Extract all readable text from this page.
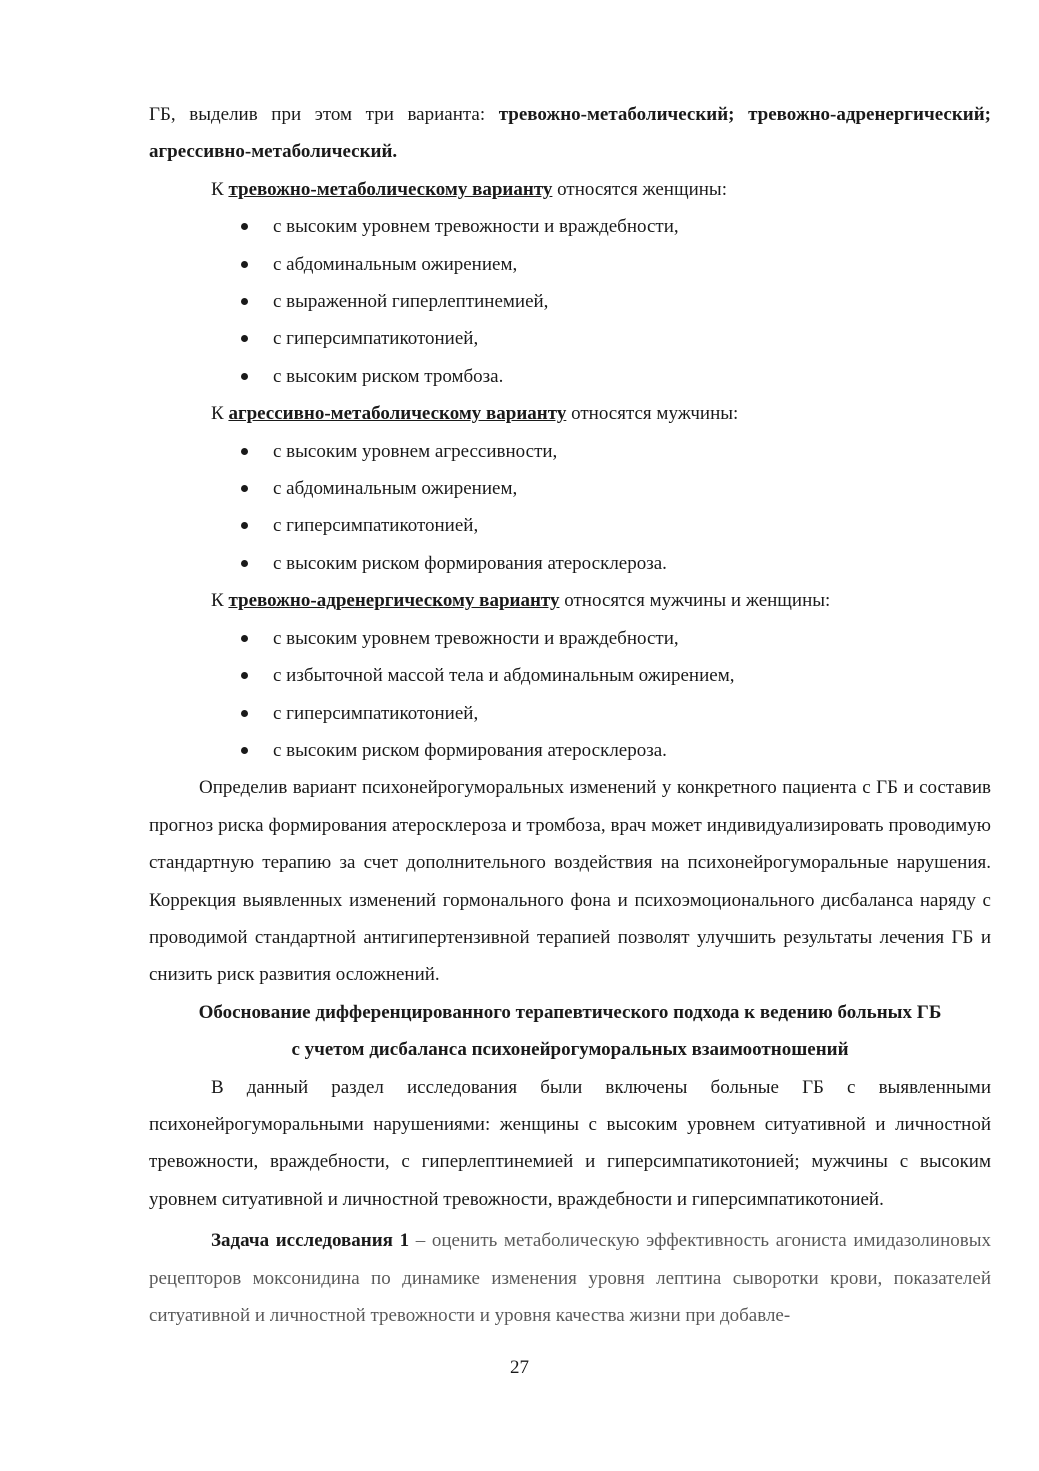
ГБ, выделив при этом три варианта: тревожно-метаболический; тревожно-адренергический; агрессивно-метаболический.

К тревожно-метаболическому варианту относятся женщины:

с высоким уровнем тревожности и враждебности,
с абдоминальным ожирением,
с выраженной гиперлептинемией,
с гиперсимпатикотонией,
с высоким риском тромбоза.

К агрессивно-метаболическому варианту относятся мужчины:

с высоким уровнем агрессивности,
с абдоминальным ожирением,
с гиперсимпатикотонией,
с высоким риском формирования атеросклероза.

К тревожно-адренергическому варианту относятся мужчины и женщины:

с высоким уровнем тревожности и враждебности,
с избыточной массой тела и абдоминальным ожирением,
с гиперсимпатикотонией,
с высоким риском формирования атеросклероза.

Определив вариант психонейрогуморальных изменений у конкретного пациента с ГБ и составив прогноз риска формирования атеросклероза и тромбоза, врач может индивидуализировать проводимую стандартную терапию за счет дополнительного воздействия на психонейрогуморальные нарушения. Коррекция выявленных изменений гормонального фона и психоэмоционального дисбаланса наряду с проводимой стандартной антигипертензивной терапией позволят улучшить результаты лечения ГБ и снизить риск развития осложнений.

Обоснование дифференцированного терапевтического подхода к ведению больных ГБ

с учетом дисбаланса психонейрогуморальных взаимоотношений

В данный раздел исследования были включены больные ГБ с выявленными психонейрогуморальными нарушениями: женщины с высоким уровнем ситуативной и личностной тревожности, враждебности, с гиперлептинемией и гиперсимпатикотонией; мужчины с высоким уровнем ситуативной и личностной тревожности, враждебности и гиперсимпатикотонией.

Задача исследования 1 – оценить метаболическую эффективность агониста имидазолиновых рецепторов моксонидина по динамике изменения уровня лептина сыворотки крови, показателей ситуативной и личностной тревожности и уровня качества жизни при добавле-

27
